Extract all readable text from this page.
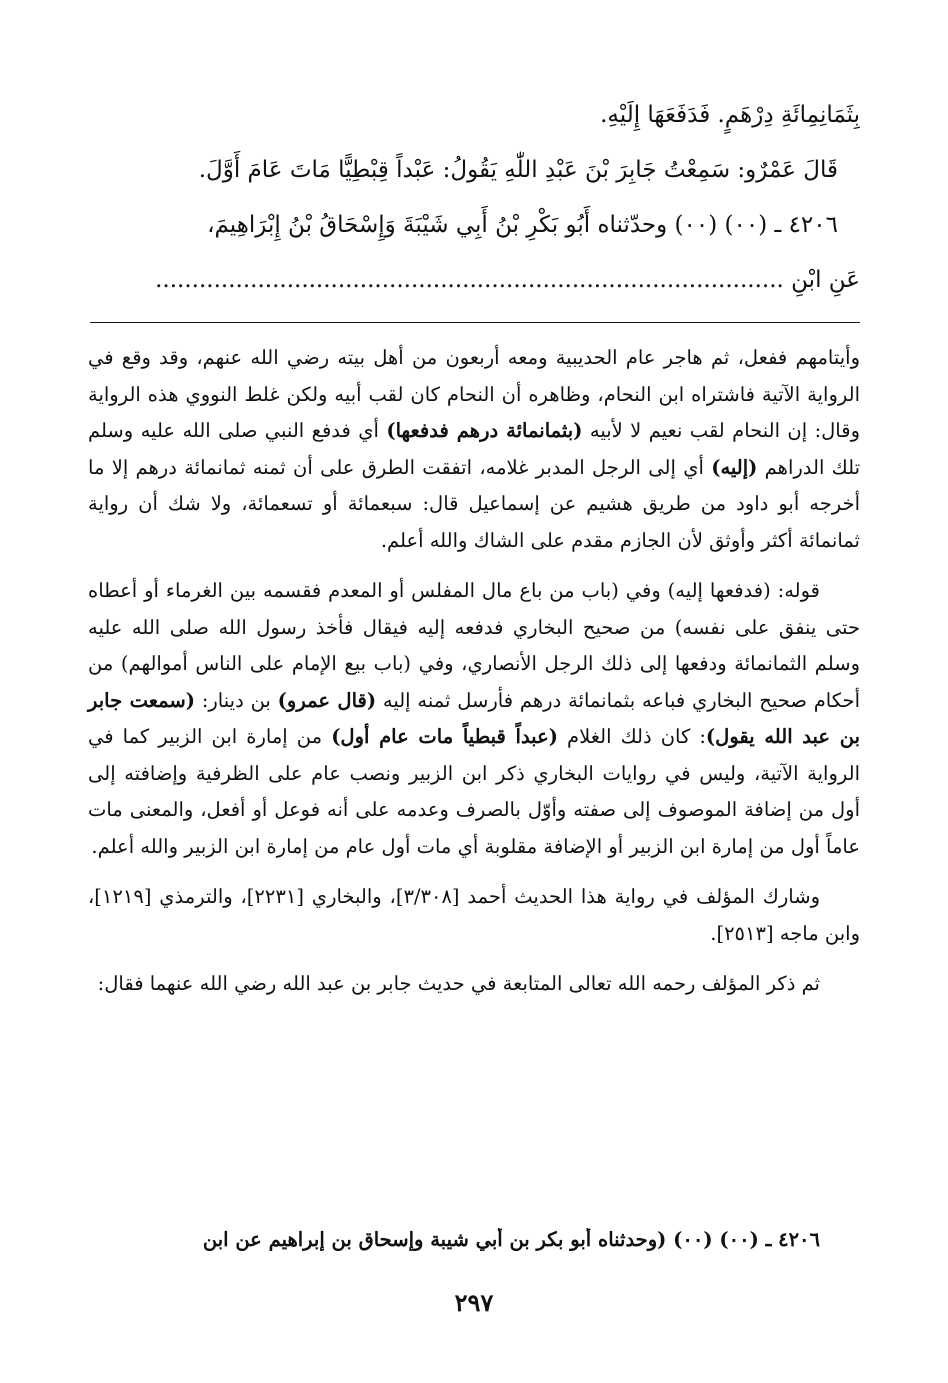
بِثَمَانِمِائَةِ دِرْهَمٍ. فَدَفَعَهَا إِلَيْهِ.
قَالَ عَمْرٌو: سَمِعْتُ جَابِرَ بْنَ عَبْدِ اللّٰهِ يَقُولُ: عَبْداً قِبْطِيًّا مَاتَ عَامَ أَوَّلَ.
٤٢٠٦ ـ (٠٠) (٠٠) وحدّثناه أَبُو بَكْرِ بْنُ أَبِي شَيْبَةَ وَإِسْحَاقُ بْنُ إِبْرَاهِيمَ،
عَنِ ابْنِ ......................................................................................

وأيتامهم ففعل، ثم هاجر عام الحديبية ومعه أربعون من أهل بيته رضي الله عنهم، وقد وقع في الرواية الآتية فاشتراه ابن النحام، وظاهره أن النحام كان لقب أبيه ولكن غلط النووي هذه الرواية وقال: إن النحام لقب نعيم لا لأبيه (بثمانمائة درهم فدفعها) أي فدفع النبي صلى الله عليه وسلم تلك الدراهم (إليه) أي إلى الرجل المدبر غلامه، اتفقت الطرق على أن ثمنه ثمانمائة درهم إلا ما أخرجه أبو داود من طريق هشيم عن إسماعيل قال: سبعمائة أو تسعمائة، ولا شك أن رواية ثمانمائة أكثر وأوثق لأن الجازم مقدم على الشاك والله أعلم.

قوله: (فدفعها إليه) وفي (باب من باع مال المفلس أو المعدم فقسمه بين الغرماء أو أعطاه حتى ينفق على نفسه) من صحيح البخاري فدفعه إليه فيقال فأخذ رسول الله صلى الله عليه وسلم الثمانمائة ودفعها إلى ذلك الرجل الأنصاري، وفي (باب بيع الإمام على الناس أموالهم) من أحكام صحيح البخاري فباعه بثمانمائة درهم فأرسل ثمنه إليه (قال عمرو) بن دينار: (سمعت جابر بن عبد الله يقول): كان ذلك الغلام (عبداً قبطياً مات عام أول) من إمارة ابن الزبير كما في الرواية الآتية، وليس في روايات البخاري ذكر ابن الزبير ونصب عام على الظرفية وإضافته إلى أول من إضافة الموصوف إلى صفته وأوّل بالصرف وعدمه على أنه فوعل أو أفعل، والمعنى مات عاماً أول من إمارة ابن الزبير أو الإضافة مقلوبة أي مات أول عام من إمارة ابن الزبير والله أعلم.

وشارك المؤلف في رواية هذا الحديث أحمد [٣/٣٠٨]، والبخاري [٢٢٣١]، والترمذي [١٢١٩]، وابن ماجه [٢٥١٣].

ثم ذكر المؤلف رحمه الله تعالى المتابعة في حديث جابر بن عبد الله رضي الله عنهما فقال:

٤٢٠٦ ـ (٠٠) (٠٠) (وحدثناه أبو بكر بن أبي شيبة وإسحاق بن إبراهيم عن ابن
٢٩٧
